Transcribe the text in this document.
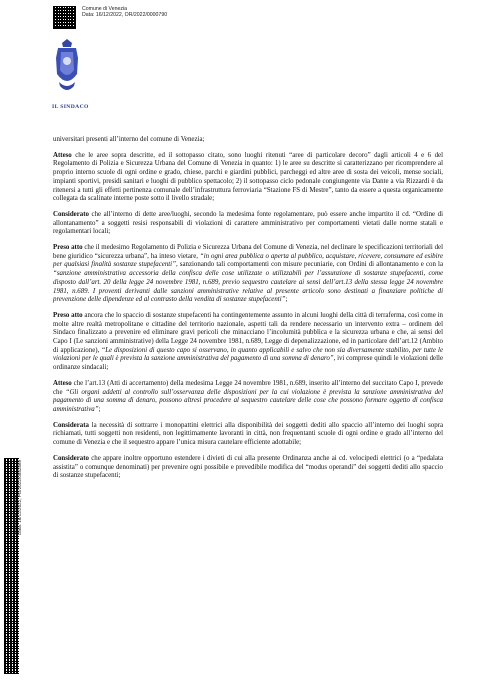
Comune di Venezia
Data: 16/12/2022, OR/2022/0000790
IL SINDACO
Comune di Venezia Data: 16/12/2022, PG/2022/0582869

universitari presenti all’interno del comune di Venezia;

Atteso che le aree sopra descritte, ed il sottopasso citato, sono luoghi ritenuti “aree di particolare decoro” dagli articoli 4 e 6 del Regolamento di Polizia e Sicurezza Urbana del Comune di Venezia in quanto: 1) le aree su descritte si caratterizzano per ricomprendere al proprio interno scuole di ogni ordine e grado, chiese, parchi e giardini pubblici, parcheggi ed altre aree di sosta dei veicoli, mense sociali, impianti sportivi, presidi sanitari e luoghi di pubblico spettacolo; 2) il sottopasso ciclo pedonale congiungente via Dante a via Rizzardi è da ritenersi a tutti gli effetti pertinenza comunale dell’infrastruttura ferroviaria “Stazione FS di Mestre”, tanto da essere a questa organicamente collegata da scalinate interne poste sotto il livello stradale;

Considerato che all’interno di dette aree/luoghi, secondo la medesima fonte regolamentare, può essere anche impartito il cd. “Ordine di allontanamento” a soggetti resisi responsabili di violazioni di carattere amministrativo per comportamenti vietati dalle norme statali e regolamentari locali;

Preso atto che il medesimo Regolamento di Polizia e Sicurezza Urbana del Comune di Venezia, nel declinare le specificazioni territoriali del bene giuridico “sicurezza urbana”, ha inteso vietare, “in ogni area pubblica o aperta al pubblico, acquistare, ricevere, consumare ed esibire per qualsiasi finalità sostanze stupefacenti”, sanzionando tali comportamenti con misure pecuniarie, con Ordini di allontanamento e con la “sanzione amministrativa accessoria della confisca delle cose utilizzate o utilizzabili per l’assunzione di sostanze stupefacenti, come disposto dall’art. 20 della legge 24 novembre 1981, n.689, previo sequestro cautelare ai sensi dell’art.13 della stessa legge 24 novembre 1981, n.689. I proventi derivanti dalle sanzioni amministrative relative al presente articolo sono destinati a finanziare politiche di prevenzione delle dipendenze ed al contrasto della vendita di sostanze stupefacenti”;

Preso atto ancora che lo spaccio di sostanze stupefacenti ha contingentemente assunto in alcuni luoghi della città di terraferma, così come in molte altre realtà metropolitane e cittadine del territorio nazionale, aspetti tali da rendere necessario un intervento extra – ordinem del Sindaco finalizzato a prevenire ed eliminare gravi pericoli che minacciano l’incolumità pubblica e la sicurezza urbana e che, ai sensi del Capo I (Le sanzioni amministrative) della Legge 24 novembre 1981, n.689, Legge di depenalizzazione, ed in particolare dell’art.12 (Ambito di applicazione), “Le disposizioni di questo capo si osservano, in quanto applicabili e salvo che non sia diversamente stabilito, per tutte le violazioni per le quali è prevista la sanzione amministrativa del pagamento di una somma di denaro”, ivi comprese quindi le violazioni delle ordinanze sindacali;

Atteso che l’art.13 (Atti di accertamento) della medesima Legge 24 novembre 1981, n.689, inserito all’interno del succitato Capo I, prevede che “Gli organi addetti al controllo sull’osservanza delle disposizioni per la cui violazione è prevista la sanzione amministrativa del pagamento di una somma di denaro, possono altresì procedere al sequestro cautelare delle cose che possono formare oggetto di confisca amministrativa”;

Considerata la necessità di sottrarre i monopattini elettrici alla disponibilità dei soggetti dediti allo spaccio all’interno dei luoghi sopra richiamati, tutti soggetti non residenti, non legittimamente lavoranti in città, non frequentanti scuole di ogni ordine e grado all’interno del comune di Venezia e che il sequestro appare l’unica misura cautelare efficiente adottabile;

Considerato che appare inoltre opportuno estendere i divieti di cui alla presente Ordinanza anche ai cd. velocipedi elettrici (o a “pedalata assistita” o comunque denominati) per prevenire ogni possibile e prevedibile modifica del “modus operandi” dei soggetti dediti allo spaccio di sostanze stupefacenti;
